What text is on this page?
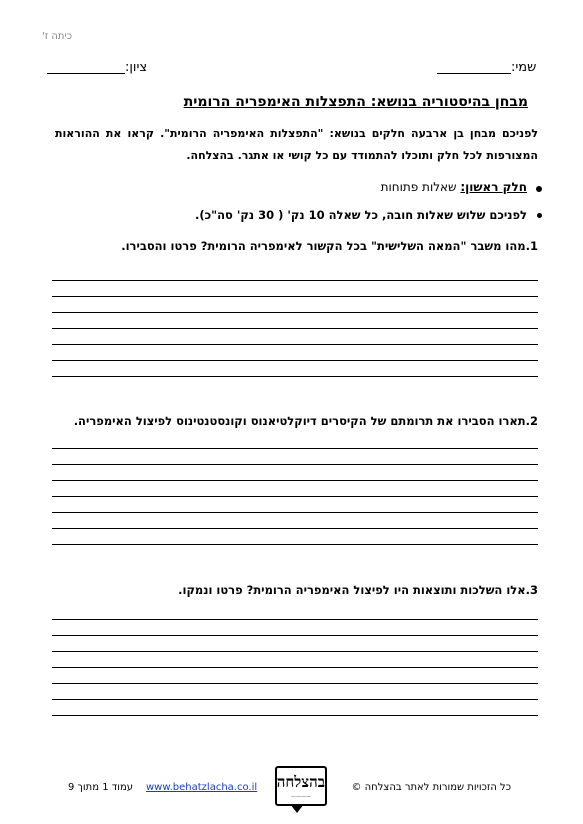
כיתה ז'
שמי:
ציון:
מבחן בהיסטוריה בנושא: התפצלות האימפריה הרומית
לפניכם מבחן בן ארבעה חלקים בנושא: "התפצלות האימפריה הרומית". קראו את ההוראות המצורפות לכל חלק ותוכלו להתמודד עם כל קושי או אתגר. בהצלחה.
חלק ראשון: שאלות פתוחות
לפניכם שלוש שאלות חובה, כל שאלה 10 נק' ( 30 נק' סה"כ).
1.מהו משבר "המאה השלישית" בכל הקשור לאימפריה הרומית? פרטו והסבירו.
2.תארו הסבירו את תרומתם של הקיסרים דיוקלטיאנוס וקונסטנטינוס לפיצול האימפריה.
3.אלו השלכות ותוצאות היו לפיצול האימפריה הרומית? פרטו ונמקו.
כל הזכויות שמורות לאתר בהצלחה ©
בהצלחה
————
www.behatzlacha.co.il
עמוד 1 מתוך 9
